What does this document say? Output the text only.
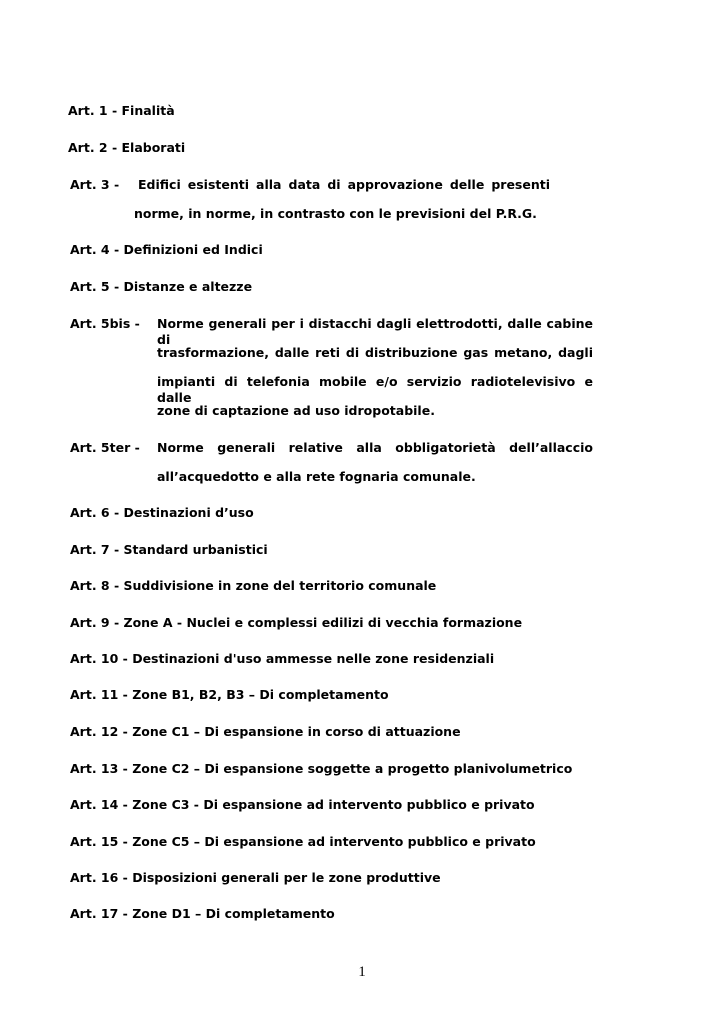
Art. 1 - Finalità
Art. 2 - Elaborati
Art. 3 - Edifici esistenti alla data di approvazione delle presenti
norme, in norme, in contrasto con le previsioni del P.R.G.
Art. 4 - Definizioni ed Indici
Art. 5 - Distanze e altezze
Art. 5bis - Norme generali per i distacchi dagli elettrodotti, dalle cabine di
trasformazione, dalle reti di distribuzione gas metano, dagli
impianti di telefonia mobile e/o servizio radiotelevisivo e dalle
zone di captazione ad uso idropotabile.
Art. 5ter - Norme generali relative alla obbligatorietà dell’allaccio
all’acquedotto e alla rete fognaria comunale.
Art. 6 - Destinazioni d’uso
Art. 7 - Standard urbanistici
Art. 8 - Suddivisione in zone del territorio comunale
Art. 9 - Zone A - Nuclei e complessi edilizi di vecchia formazione
Art. 10 - Destinazioni d'uso ammesse nelle zone residenziali
Art. 11 - Zone B1, B2, B3 – Di completamento
Art. 12 - Zone C1 – Di espansione in corso di attuazione
Art. 13 - Zone C2 – Di espansione soggette a progetto planivolumetrico
Art. 14 - Zone C3 - Di espansione ad intervento pubblico e privato
Art. 15 - Zone C5 – Di espansione ad intervento pubblico e privato
Art. 16 - Disposizioni generali per le zone produttive
Art. 17 - Zone D1 – Di completamento
1
